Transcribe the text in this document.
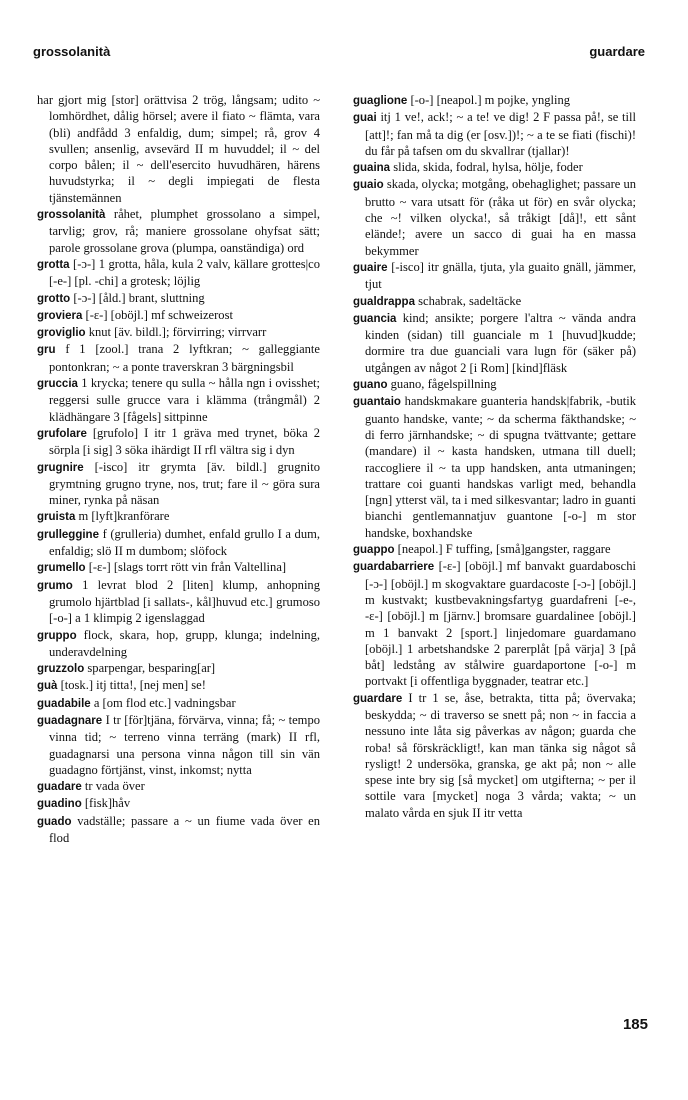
grossolanità	guardare

har gjort mig [stor] orättvisa 2 trög, långsam; udito ~ lomhördhet, dålig hörsel; avere il fiato ~ flämta, vara (bli) andfådd 3 enfaldig, dum; simpel; rå, grov 4 svullen; ansenlig, avsevärd II m huvuddel; il ~ del corpo bålen; il ~ dell'esercito huvudhären, härens huvudstyrka; il ~ degli impiegati de flesta tjänstemännen

grossolanità råhet, plumphet grossolano a simpel, tarvlig; grov, rå; maniere grossolane ohyfsat sätt; parole grossolane grova (plumpa, oanständiga) ord

grotta [-ɔ-] 1 grotta, håla, kula 2 valv, källare grottes|co [-e-] [pl. -chi] a grotesk; löjlig

grotto [-ɔ-] [åld.] brant, sluttning

groviera [-ɛ-] [oböjl.] mf schweizerost

groviglio knut [äv. bildl.]; förvirring; virrvarr

gru f 1 [zool.] trana 2 lyftkran; ~ galleggiante pontonkran; ~ a ponte traverskran 3 bärgningsbil

gruccia 1 krycka; tenere qu sulla ~ hålla ngn i ovisshet; reggersi sulle grucce vara i klämma (trångmål) 2 klädhängare 3 [fågels] sittpinne

grufolare [grufolo] I itr 1 gräva med trynet, böka 2 sörpla [i sig] 3 söka ihärdigt II rfl vältra sig i dyn

grugnire [-isco] itr grymta [äv. bildl.] grugnito grymtning grugno tryne, nos, trut; fare il ~ göra sura miner, rynka på näsan

gruista m [lyft]kranförare

grulleggine f (grulleria) dumhet, enfald grullo I a dum, enfaldig; slö II m dumbom; slöfock

grumello [-ɛ-] [slags torrt rött vin från Valtellina]

grumo 1 levrat blod 2 [liten] klump, anhopning grumolo hjärtblad [i sallats-, kål]huvud etc.] grumoso [-o-] a 1 klimpig 2 igenslaggad

gruppo flock, skara, hop, grupp, klunga; indelning, underavdelning

gruzzolo sparpengar, besparing[ar]

guà [tosk.] itj titta!, [nej men] se!

guadabile a [om flod etc.] vadningsbar

guadagnare I tr [för]tjäna, förvärva, vinna; få; ~ tempo vinna tid; ~ terreno vinna terräng (mark) II rfl, guadagnarsi una persona vinna någon till sin vän guadagno förtjänst, vinst, inkomst; nytta

guadare tr vada över

guadino [fisk]håv

guado vadställe; passare a ~ un fiume vada över en flod

guaglione [-o-] [neapol.] m pojke, yngling

guai itj 1 ve!, ack!; ~ a te! ve dig! 2 F passa på!, se till [att]!; fan må ta dig (er [osv.])!; ~ a te se fiati (fischi)! du får på tafsen om du skvallrar (tjallar)!

guaina slida, skida, fodral, hylsa, hölje, foder

guaio skada, olycka; motgång, obehaglighet; passare un brutto ~ vara utsatt för (råka ut för) en svår olycka; che ~! vilken olycka!, så tråkigt [då]!, ett sånt elände!; avere un sacco di guai ha en massa bekymmer

guaire [-isco] itr gnälla, tjuta, yla guaito gnäll, jämmer, tjut

gualdrappa schabrak, sadeltäcke

guancia kind; ansikte; porgere l'altra ~ vända andra kinden (sidan) till guanciale m 1 [huvud]kudde; dormire tra due guanciali vara lugn för (säker på) utgången av något 2 [i Rom] [kind]fläsk

guano guano, fågelspillning

guantaio handskmakare guanteria handsk|fabrik, -butik guanto handske, vante; ~ da scherma fäkthandske; ~ di ferro järnhandske; ~ di spugna tvättvante; gettare (mandare) il ~ kasta handsken, utmana till duell; raccogliere il ~ ta upp handsken, anta utmaningen; trattare coi guanti handskas varligt med, behandla [ngn] ytterst väl, ta i med silkesvantar; ladro in guanti bianchi gentlemannatjuv guantone [-o-] m stor handske, boxhandske

guappo [neapol.] F tuffing, [små]gangster, raggare

guardabarriere [-ɛ-] [oböjl.] mf banvakt guardaboschi [-ɔ-] [oböjl.] m skogvaktare guardacoste [-ɔ-] [oböjl.] m kustvakt; kustbevakningsfartyg guardafreni [-e-, -ɛ-] [oböjl.] m [järnv.] bromsare guardalinee [oböjl.] m 1 banvakt 2 [sport.] linjedomare guardamano [oböjl.] 1 arbetshandske 2 parerplåt [på värja] 3 [på båt] ledstång av stålwire guardaportone [-o-] m portvakt [i offentliga byggnader, teatrar etc.]

guardare I tr 1 se, åse, betrakta, titta på; övervaka; beskydda; ~ di traverso se snett på; non ~ in faccia a nessuno inte låta sig påverkas av någon; guarda che roba! så förskräckligt!, kan man tänka sig något så rysligt! 2 undersöka, granska, ge akt på; non ~ alle spese inte bry sig [så mycket] om utgifterna; ~ per il sottile vara [mycket] noga 3 vårda; vakta; ~ un malato vårda en sjuk II itr vetta

185
